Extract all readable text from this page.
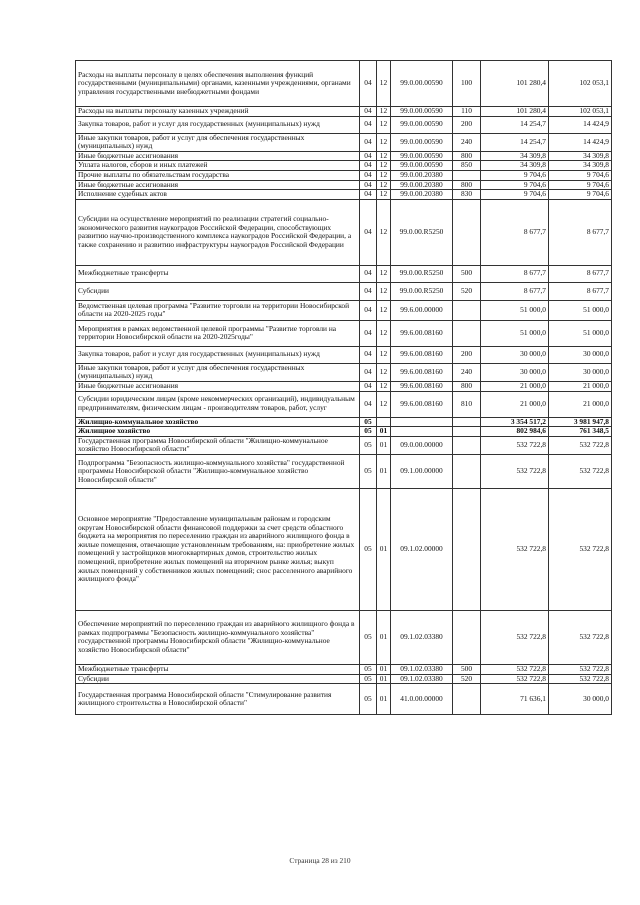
Расходы на выплаты персоналу в целях обеспечения выполнения функций государственными (муниципальными) органами, казенными учреждениями, органами управления государственными внебюджетными фондами	04	12	99.0.00.00590	100	101 280,4	102 053,1
Расходы на выплаты персоналу казенных учреждений	04	12	99.0.00.00590	110	101 280,4	102 053,1
Закупка товаров, работ и услуг для государственных (муниципальных) нужд	04	12	99.0.00.00590	200	14 254,7	14 424,9
Иные закупки товаров, работ и услуг для обеспечения государственных (муниципальных) нужд	04	12	99.0.00.00590	240	14 254,7	14 424,9
Иные бюджетные ассигнования	04	12	99.0.00.00590	800	34 309,8	34 309,8
Уплата налогов, сборов и иных платежей	04	12	99.0.00.00590	850	34 309,8	34 309,8
Прочие выплаты по обязательствам государства	04	12	99.0.00.20380		9 704,6	9 704,6
Иные бюджетные ассигнования	04	12	99.0.00.20380	800	9 704,6	9 704,6
Исполнение судебных актов	04	12	99.0.00.20380	830	9 704,6	9 704,6
Субсидии на осуществление мероприятий по реализации стратегий социально-экономического развития наукоградов Российской Федерации, способствующих развитию научно-производственного комплекса наукоградов Российской Федерации, а также сохранению и развитию инфраструктуры наукоградов Российской Федерации	04	12	99.0.00.R5250		8 677,7	8 677,7
Межбюджетные трансферты	04	12	99.0.00.R5250	500	8 677,7	8 677,7
Субсидии	04	12	99.0.00.R5250	520	8 677,7	8 677,7
Ведомственная целевая программа "Развитие торговли на территории Новосибирской области на 2020-2025 годы"	04	12	99.6.00.00000		51 000,0	51 000,0
Мероприятия в рамках ведомственной целевой программы "Развитие торговли на территории Новосибирской области на 2020-2025годы"	04	12	99.6.00.08160		51 000,0	51 000,0
Закупка товаров, работ и услуг для государственных (муниципальных) нужд	04	12	99.6.00.08160	200	30 000,0	30 000,0
Иные закупки товаров, работ и услуг для обеспечения государственных (муниципальных) нужд	04	12	99.6.00.08160	240	30 000,0	30 000,0
Иные бюджетные ассигнования	04	12	99.6.00.08160	800	21 000,0	21 000,0
Субсидии юридическим лицам (кроме некоммерческих организаций), индивидуальным предпринимателям, физическим лицам - производителям товаров, работ, услуг	04	12	99.6.00.08160	810	21 000,0	21 000,0
Жилищно-коммунальное хозяйство	05				3 354 517,2	3 981 947,8
Жилищное хозяйство	05	01			802 984,6	761 348,5
Государственная программа Новосибирской области "Жилищно-коммунальное хозяйство Новосибирской области"	05	01	09.0.00.00000		532 722,8	532 722,8
Подпрограмма "Безопасность жилищно-коммунального хозяйства" государственной программы Новосибирской области "Жилищно-коммунальное хозяйство Новосибирской области"	05	01	09.1.00.00000		532 722,8	532 722,8
Основное мероприятие "Предоставление муниципальным районам и городским округам Новосибирской области финансовой поддержки за счет средств областного бюджета на мероприятия по переселению граждан из аварийного жилищного фонда в жилые помещения, отвечающие установленным требованиям, на: приобретение жилых помещений у застройщиков многоквартирных домов, строительство жилых помещений, приобретение жилых помещений на вторичном рынке жилья; выкуп жилых помещений у собственников жилых помещений; снос расселенного аварийного жилищного фонда"	05	01	09.1.02.00000		532 722,8	532 722,8
Обеспечение мероприятий по переселению граждан из аварийного жилищного фонда в рамках подпрограммы "Безопасность жилищно-коммунального хозяйства" государственной программы Новосибирской области "Жилищно-коммунальное хозяйство Новосибирской области"	05	01	09.1.02.03380		532 722,8	532 722,8
Межбюджетные трансферты	05	01	09.1.02.03380	500	532 722,8	532 722,8
Субсидии	05	01	09.1.02.03380	520	532 722,8	532 722,8
Государственная программа Новосибирской области "Стимулирование развития жилищного строительства в Новосибирской области"	05	01	41.0.00.00000		71 636,1	30 000,0
Страница 28 из 210
